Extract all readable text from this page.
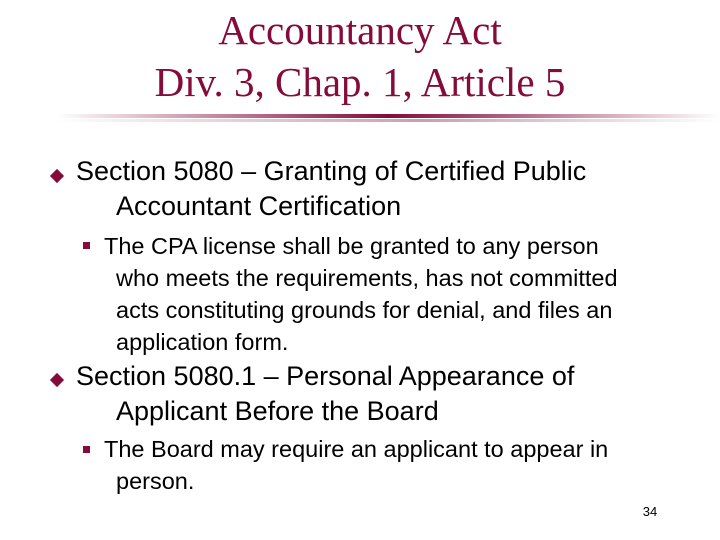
Accountancy Act
Div. 3, Chap. 1, Article 5
Section 5080 – Granting of Certified Public
Accountant Certification
The CPA license shall be granted to any person
who meets the requirements, has not committed
acts constituting grounds for denial, and files an
application form.
Section 5080.1 – Personal Appearance of
Applicant Before the Board
The Board may require an applicant to appear in
person.
34
